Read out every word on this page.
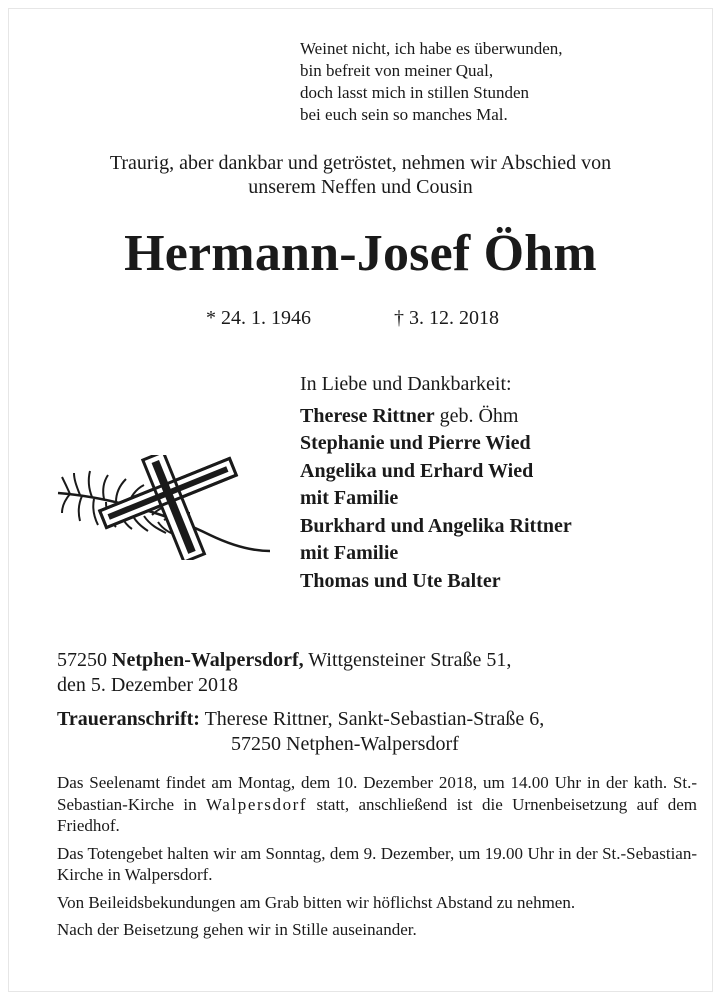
Weinet nicht, ich habe es überwunden,
bin befreit von meiner Qual,
doch lasst mich in stillen Stunden
bei euch sein so manches Mal.
Traurig, aber dankbar und getröstet, nehmen wir Abschied von
unserem Neffen und Cousin
Hermann-Josef Öhm
* 24. 1. 1946	† 3. 12. 2018
In Liebe und Dankbarkeit:
Therese Rittner geb. Öhm
Stephanie und Pierre Wied
Angelika und Erhard Wied
mit Familie
Burkhard und Angelika Rittner
mit Familie
Thomas und Ute Balter
57250 Netphen-Walpersdorf, Wittgensteiner Straße 51,
den 5. Dezember 2018
Traueranschrift: Therese Rittner, Sankt-Sebastian-Straße 6,
57250 Netphen-Walpersdorf

Das Seelenamt findet am Montag, dem 10. Dezember 2018, um 14.00 Uhr in der kath. St.-Sebastian-Kirche in Walpersdorf statt, anschließend ist die Urnenbeisetzung auf dem Friedhof.

Das Totengebet halten wir am Sonntag, dem 9. Dezember, um 19.00 Uhr in der St.-Sebastian-Kirche in Walpersdorf.

Von Beileidsbekundungen am Grab bitten wir höflichst Abstand zu nehmen.

Nach der Beisetzung gehen wir in Stille auseinander.
